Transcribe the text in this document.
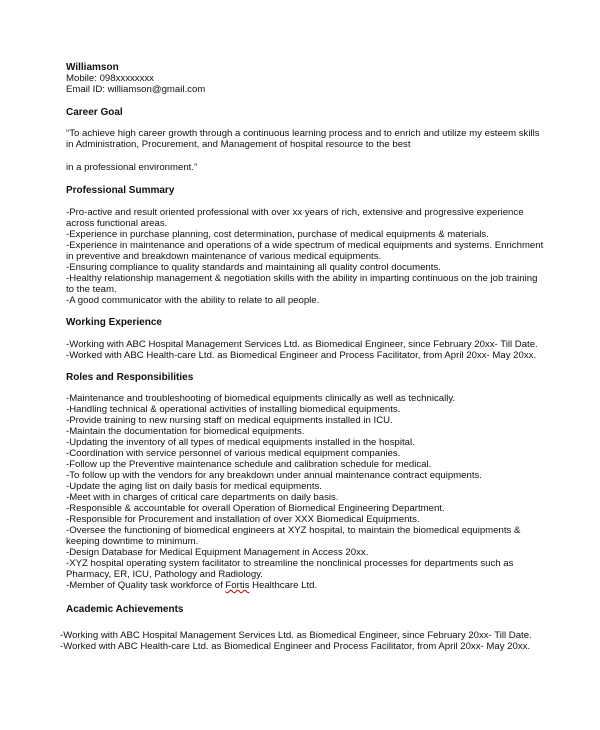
Williamson
Mobile: 098xxxxxxxx
Email ID: williamson@gmail.com
Career Goal
“To achieve high career growth through a continuous learning process and to enrich and utilize my esteem skills
in Administration, Procurement, and Management of hospital resource to the best
in a professional environment.”
Professional Summary
-Pro-active and result oriented professional with over xx years of rich, extensive and progressive experience
across functional areas.
-Experience in purchase planning, cost determination, purchase of medical equipments & materials.
-Experience in maintenance and operations of a wide spectrum of medical equipments and systems. Enrichment
in preventive and breakdown maintenance of various medical equipments.
-Ensuring compliance to quality standards and maintaining all quality control documents.
-Healthy relationship management & negotiation skills with the ability in imparting continuous on the job training
to the team.
-A good communicator with the ability to relate to all people.
Working Experience
-Working with ABC Hospital Management Services Ltd. as Biomedical Engineer, since February 20xx- Till Date.
-Worked with ABC Health-care Ltd. as Biomedical Engineer and Process Facilitator, from April 20xx- May 20xx.
Roles and Responsibilities
-Maintenance and troubleshooting of biomedical equipments clinically as well as technically.
-Handling technical & operational activities of installing biomedical equipments.
-Provide training to new nursing staff on medical equipments installed in ICU.
-Maintain the documentation for biomedical equipments.
-Updating the inventory of all types of medical equipments installed in the hospital.
-Coordination with service personnel of various medical equipment companies.
-Follow up the Preventive maintenance schedule and calibration schedule for medical.
-To follow up with the vendors for any breakdown under annual maintenance contract equipments.
-Update the aging list on daily basis for medical equipments.
-Meet with in charges of critical care departments on daily basis.
-Responsible & accountable for overall Operation of Biomedical Engineering Department.
-Responsible for Procurement and installation of over XXX Biomedical Equipments.
-Oversee the functioning of biomedical engineers at XYZ hospital, to maintain the biomedical equipments &
keeping downtime to minimum.
-Design Database for Medical Equipment Management in Access 20xx.
-XYZ hospital operating system facilitator to streamline the nonclinical processes for departments such as
Pharmacy, ER, ICU, Pathology and Radiology.
-Member of Quality task workforce of Fortis Healthcare Ltd.
Academic Achievements
-Working with ABC Hospital Management Services Ltd. as Biomedical Engineer, since February 20xx- Till Date.
-Worked with ABC Health-care Ltd. as Biomedical Engineer and Process Facilitator, from April 20xx- May 20xx.
